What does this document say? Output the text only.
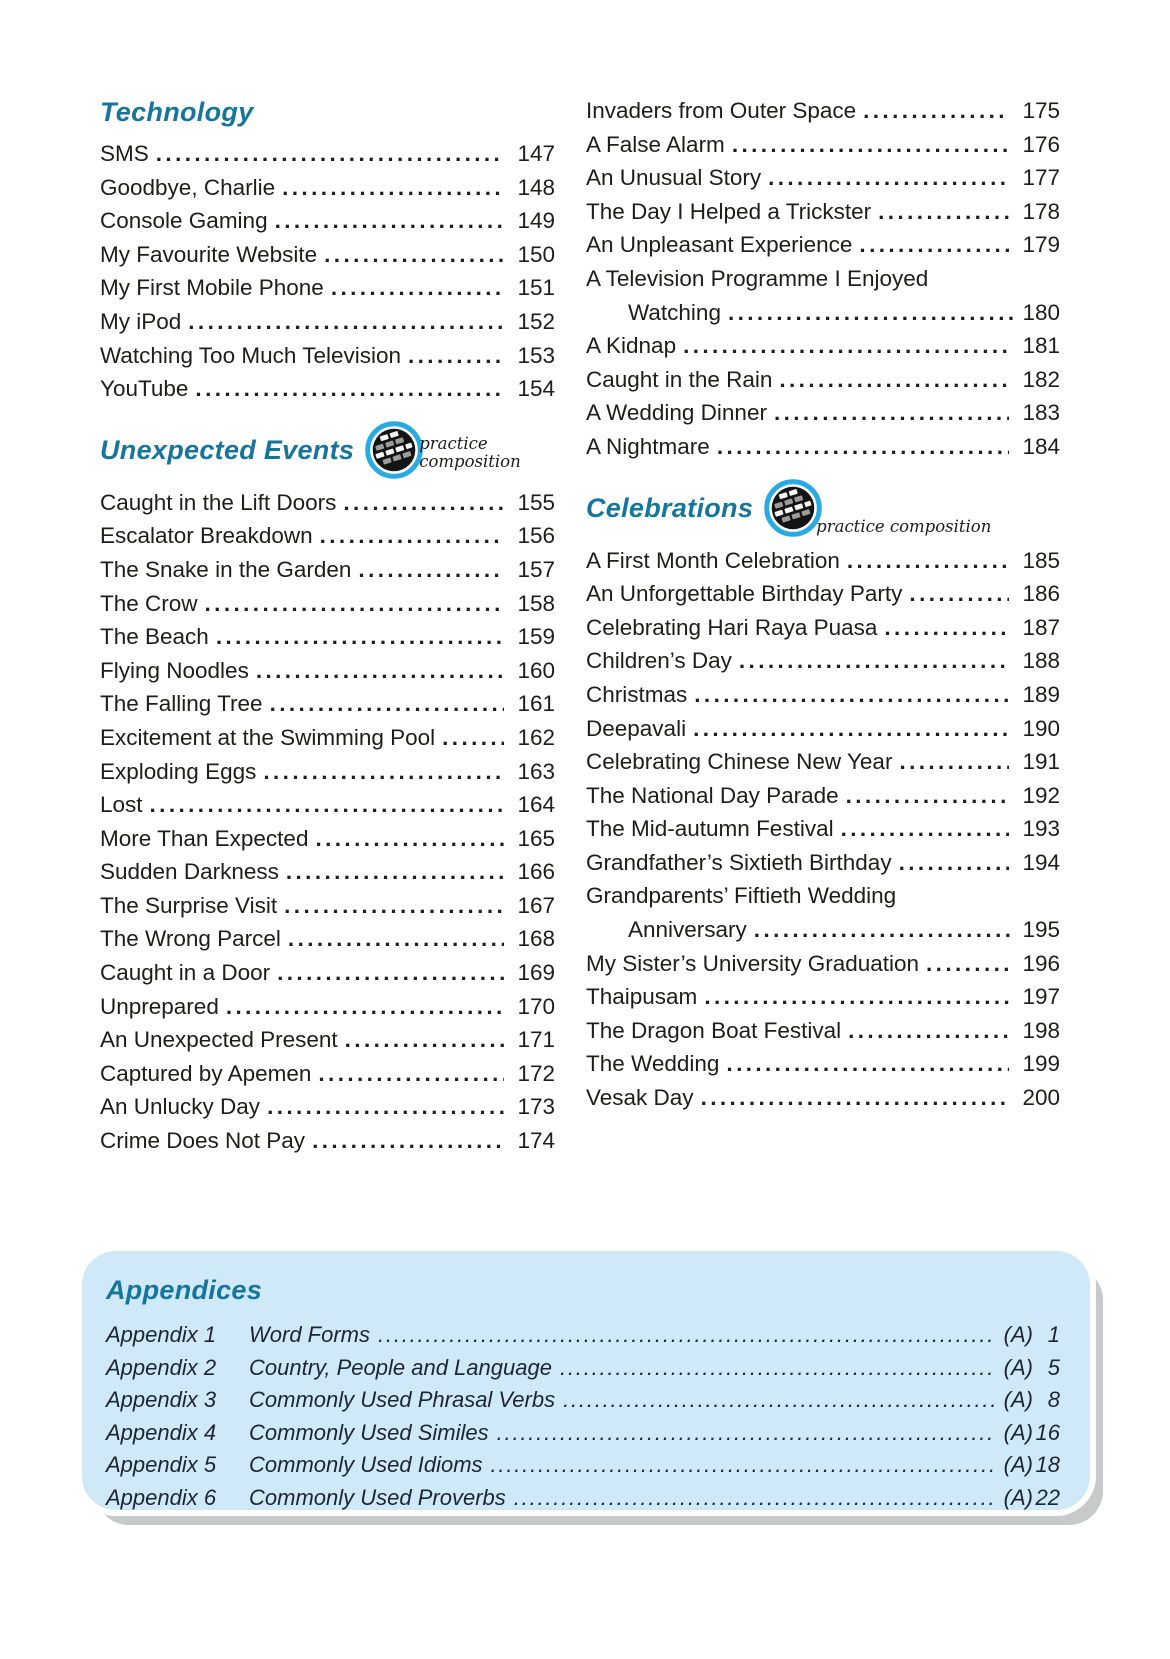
Technology
SMS .....	147
Goodbye, Charlie .....	148
Console Gaming .....	149
My Favourite Website .....	150
My First Mobile Phone .....	151
My iPod .....	152
Watching Too Much Television .....	153
YouTube .....	154
Unexpected Events	practice
composition
Caught in the Lift Doors .....	155
Escalator Breakdown .....	156
The Snake in the Garden .....	157
The Crow .....	158
The Beach .....	159
Flying Noodles .....	160
The Falling Tree .....	161
Excitement at the Swimming Pool .....	162
Exploding Eggs .....	163
Lost .....	164
More Than Expected .....	165
Sudden Darkness .....	166
The Surprise Visit .....	167
The Wrong Parcel .....	168
Caught in a Door .....	169
Unprepared .....	170
An Unexpected Present .....	171
Captured by Apemen .....	172
An Unlucky Day .....	173
Crime Does Not Pay .....	174
Invaders from Outer Space .....	175
A False Alarm .....	176
An Unusual Story .....	177
The Day I Helped a Trickster .....	178
An Unpleasant Experience .....	179
A Television Programme I Enjoyed
Watching .....	180
A Kidnap .....	181
Caught in the Rain .....	182
A Wedding Dinner .....	183
A Nightmare .....	184
Celebrations
practice composition
A First Month Celebration .....	185
An Unforgettable Birthday Party .....	186
Celebrating Hari Raya Puasa .....	187
Children’s Day .....	188
Christmas .....	189
Deepavali .....	190
Celebrating Chinese New Year .....	191
The National Day Parade .....	192
The Mid-autumn Festival .....	193
Grandfather’s Sixtieth Birthday .....	194
Grandparents’ Fiftieth Wedding
Anniversary .....	195
My Sister’s University Graduation .....	196
Thaipusam .....	197
The Dragon Boat Festival .....	198
The Wedding .....	199
Vesak Day .....	200
Appendices
Appendix 1	Word Forms .....	(A) 1
Appendix 2	Country, People and Language .....	(A) 5
Appendix 3	Commonly Used Phrasal Verbs .....	(A) 8
Appendix 4	Commonly Used Similes .....	(A) 16
Appendix 5	Commonly Used Idioms .....	(A) 18
Appendix 6	Commonly Used Proverbs .....	(A) 22
